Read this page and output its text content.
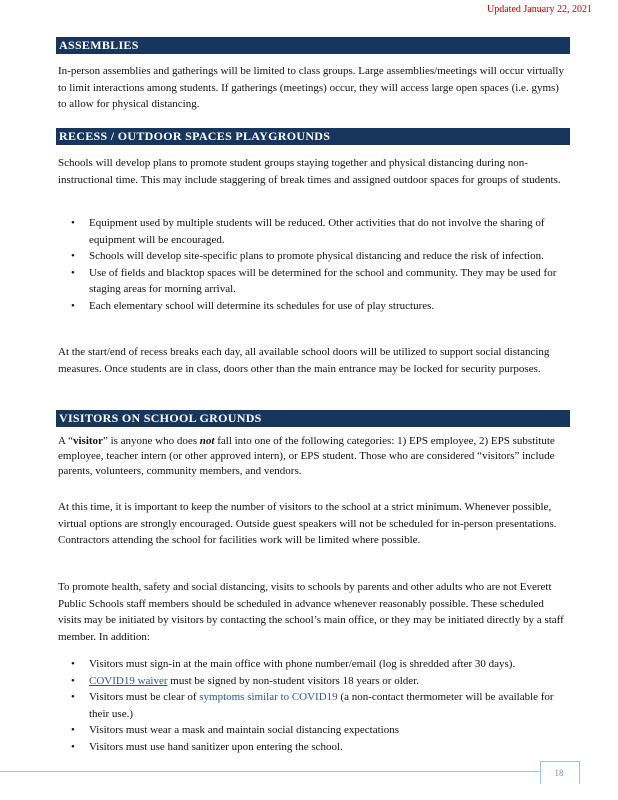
Updated January 22, 2021
ASSEMBLIES

In-person assemblies and gatherings will be limited to class groups. Large assemblies/meetings will occur virtually to limit interactions among students. If gatherings (meetings) occur, they will access large open spaces (i.e. gyms) to allow for physical distancing.

RECESS / OUTDOOR SPACES PLAYGROUNDS

Schools will develop plans to promote student groups staying together and physical distancing during non-instructional time. This may include staggering of break times and assigned outdoor spaces for groups of students.

• Equipment used by multiple students will be reduced. Other activities that do not involve the sharing of equipment will be encouraged.
• Schools will develop site-specific plans to promote physical distancing and reduce the risk of infection.
• Use of fields and blacktop spaces will be determined for the school and community. They may be used for staging areas for morning arrival.
• Each elementary school will determine its schedules for use of play structures.

At the start/end of recess breaks each day, all available school doors will be utilized to support social distancing measures. Once students are in class, doors other than the main entrance may be locked for security purposes.

VISITORS ON SCHOOL GROUNDS

A “visitor” is anyone who does not fall into one of the following categories: 1) EPS employee, 2) EPS substitute employee, teacher intern (or other approved intern), or EPS student. Those who are considered “visitors” include parents, volunteers, community members, and vendors.

At this time, it is important to keep the number of visitors to the school at a strict minimum. Whenever possible, virtual options are strongly encouraged. Outside guest speakers will not be scheduled for in-person presentations. Contractors attending the school for facilities work will be limited where possible.

To promote health, safety and social distancing, visits to schools by parents and other adults who are not Everett Public Schools staff members should be scheduled in advance whenever reasonably possible. These scheduled visits may be initiated by visitors by contacting the school’s main office, or they may be initiated directly by a staff member. In addition:

• Visitors must sign-in at the main office with phone number/email (log is shredded after 30 days).
• COVID19 waiver must be signed by non-student visitors 18 years or older.
• Visitors must be clear of symptoms similar to COVID19 (a non-contact thermometer will be available for their use.)
• Visitors must wear a mask and maintain social distancing expectations
• Visitors must use hand sanitizer upon entering the school.
18
